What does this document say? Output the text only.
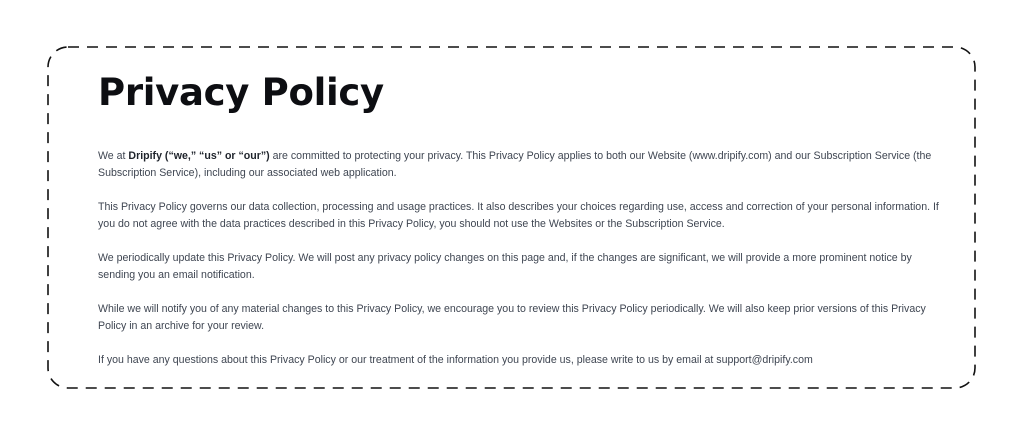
Privacy Policy

We at Dripify (“we,” “us” or “our”) are committed to protecting your privacy. This Privacy Policy applies to both our Website (www.dripify.com) and our Subscription Service (the Subscription Service), including our associated web application.

This Privacy Policy governs our data collection, processing and usage practices. It also describes your choices regarding use, access and correction of your personal information. If you do not agree with the data practices described in this Privacy Policy, you should not use the Websites or the Subscription Service.

We periodically update this Privacy Policy. We will post any privacy policy changes on this page and, if the changes are significant, we will provide a more prominent notice by sending you an email notification.

While we will notify you of any material changes to this Privacy Policy, we encourage you to review this Privacy Policy periodically. We will also keep prior versions of this Privacy Policy in an archive for your review.

If you have any questions about this Privacy Policy or our treatment of the information you provide us, please write to us by email at support@dripify.com
